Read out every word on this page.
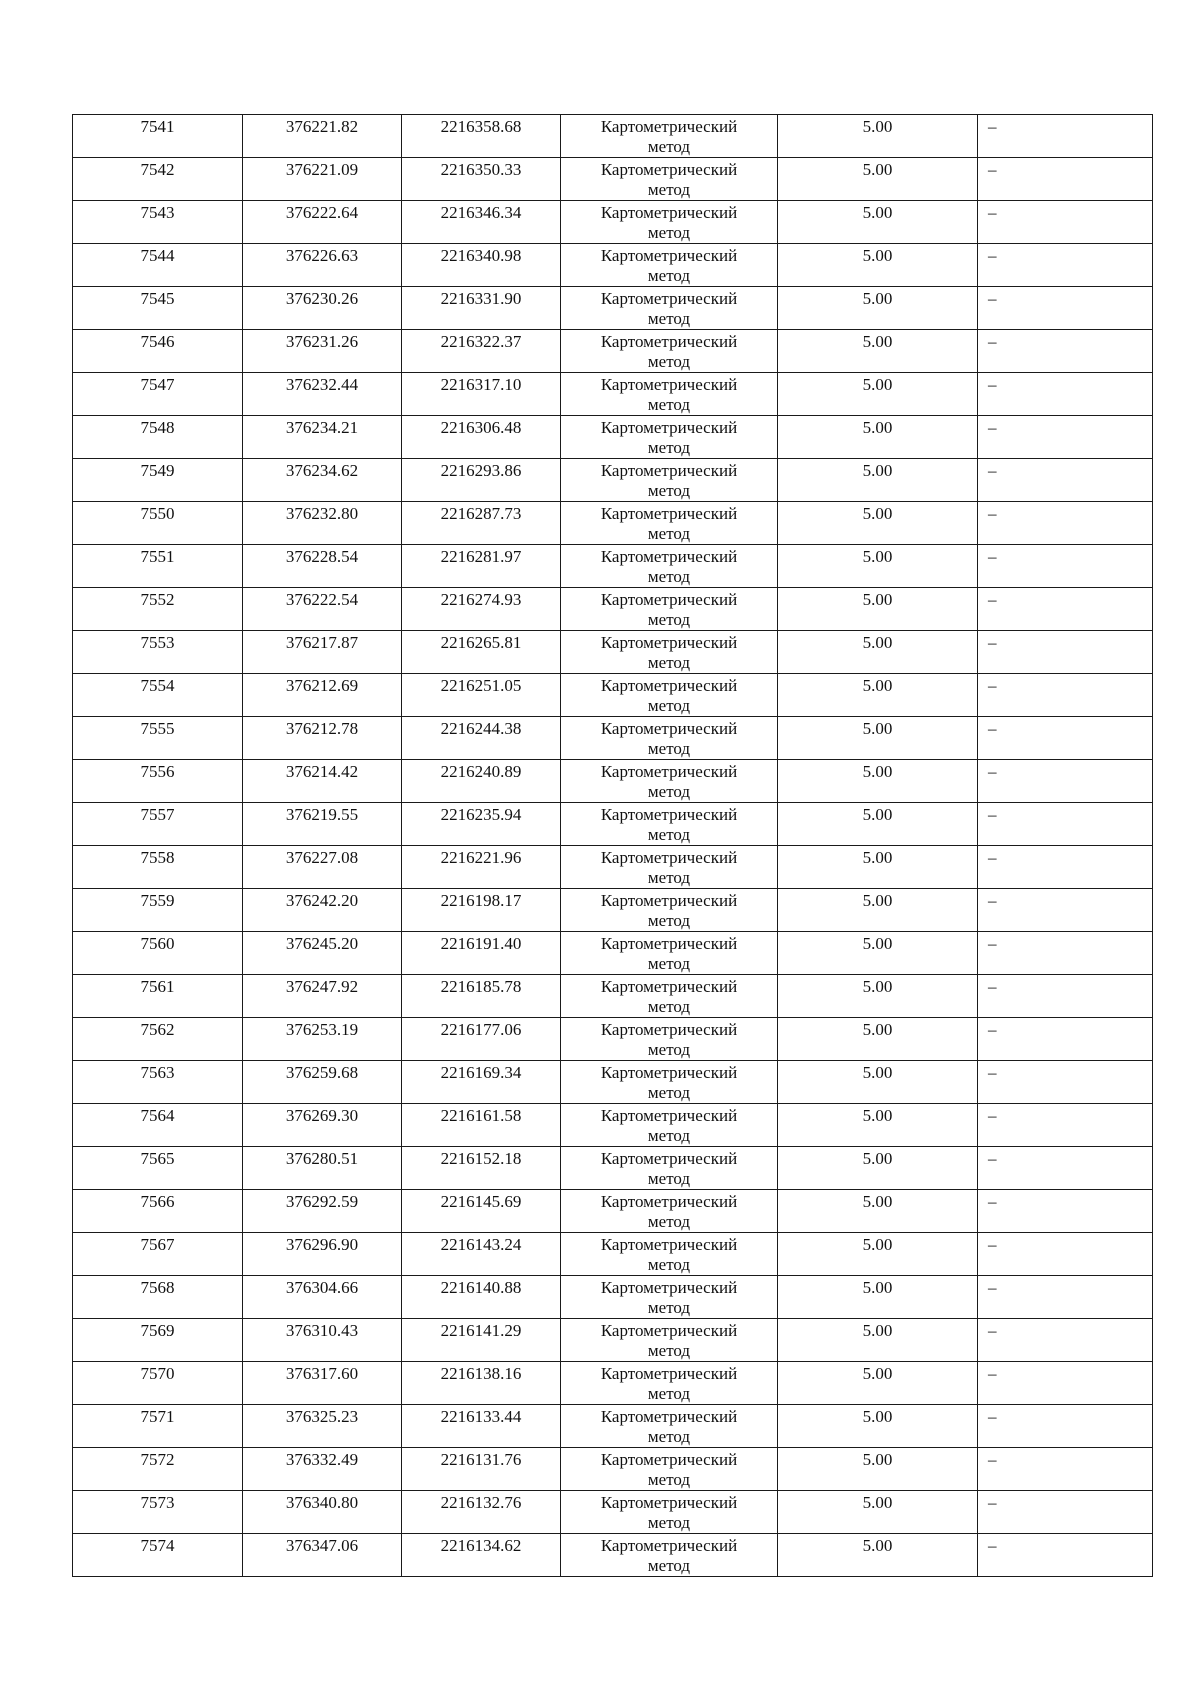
7541	376221.82	2216358.68	Картометрический
метод	5.00	–
7542	376221.09	2216350.33	Картометрический
метод	5.00	–
7543	376222.64	2216346.34	Картометрический
метод	5.00	–
7544	376226.63	2216340.98	Картометрический
метод	5.00	–
7545	376230.26	2216331.90	Картометрический
метод	5.00	–
7546	376231.26	2216322.37	Картометрический
метод	5.00	–
7547	376232.44	2216317.10	Картометрический
метод	5.00	–
7548	376234.21	2216306.48	Картометрический
метод	5.00	–
7549	376234.62	2216293.86	Картометрический
метод	5.00	–
7550	376232.80	2216287.73	Картометрический
метод	5.00	–
7551	376228.54	2216281.97	Картометрический
метод	5.00	–
7552	376222.54	2216274.93	Картометрический
метод	5.00	–
7553	376217.87	2216265.81	Картометрический
метод	5.00	–
7554	376212.69	2216251.05	Картометрический
метод	5.00	–
7555	376212.78	2216244.38	Картометрический
метод	5.00	–
7556	376214.42	2216240.89	Картометрический
метод	5.00	–
7557	376219.55	2216235.94	Картометрический
метод	5.00	–
7558	376227.08	2216221.96	Картометрический
метод	5.00	–
7559	376242.20	2216198.17	Картометрический
метод	5.00	–
7560	376245.20	2216191.40	Картометрический
метод	5.00	–
7561	376247.92	2216185.78	Картометрический
метод	5.00	–
7562	376253.19	2216177.06	Картометрический
метод	5.00	–
7563	376259.68	2216169.34	Картометрический
метод	5.00	–
7564	376269.30	2216161.58	Картометрический
метод	5.00	–
7565	376280.51	2216152.18	Картометрический
метод	5.00	–
7566	376292.59	2216145.69	Картометрический
метод	5.00	–
7567	376296.90	2216143.24	Картометрический
метод	5.00	–
7568	376304.66	2216140.88	Картометрический
метод	5.00	–
7569	376310.43	2216141.29	Картометрический
метод	5.00	–
7570	376317.60	2216138.16	Картометрический
метод	5.00	–
7571	376325.23	2216133.44	Картометрический
метод	5.00	–
7572	376332.49	2216131.76	Картометрический
метод	5.00	–
7573	376340.80	2216132.76	Картометрический
метод	5.00	–
7574	376347.06	2216134.62	Картометрический
метод	5.00	–
